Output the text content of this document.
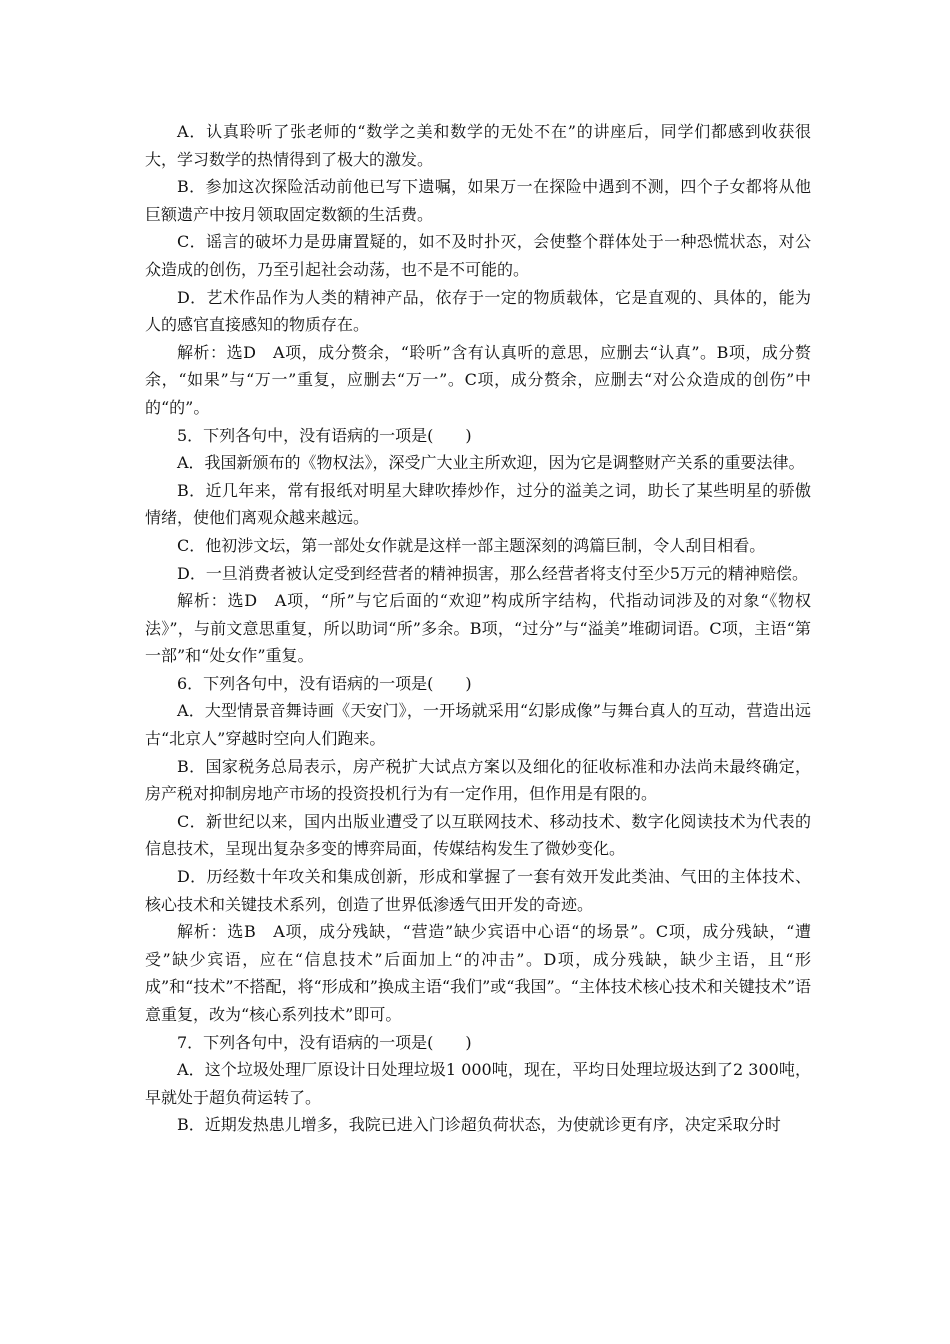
A．认真聆听了张老师的“数学之美和数学的无处不在”的讲座后，同学们都感到收获很大，学习数学的热情得到了极大的激发。

B．参加这次探险活动前他已写下遗嘱，如果万一在探险中遇到不测，四个子女都将从他巨额遗产中按月领取固定数额的生活费。

C．谣言的破坏力是毋庸置疑的，如不及时扑灭，会使整个群体处于一种恐慌状态，对公众造成的创伤，乃至引起社会动荡，也不是不可能的。

D．艺术作品作为人类的精神产品，依存于一定的物质载体，它是直观的、具体的，能为人的感官直接感知的物质存在。

解析：选D　A项，成分赘余，“聆听”含有认真听的意思，应删去“认真”。B项，成分赘余，“如果”与“万一”重复，应删去“万一”。C项，成分赘余，应删去“对公众造成的创伤”中的“的”。

5．下列各句中，没有语病的一项是(　　)

A．我国新颁布的《物权法》，深受广大业主所欢迎，因为它是调整财产关系的重要法律。

B．近几年来，常有报纸对明星大肆吹捧炒作，过分的溢美之词，助长了某些明星的骄傲情绪，使他们离观众越来越远。

C．他初涉文坛，第一部处女作就是这样一部主题深刻的鸿篇巨制，令人刮目相看。

D．一旦消费者被认定受到经营者的精神损害，那么经营者将支付至少5万元的精神赔偿。

解析：选D　A项，“所”与它后面的“欢迎”构成所字结构，代指动词涉及的对象“《物权法》”，与前文意思重复，所以助词“所”多余。B项，“过分”与“溢美”堆砌词语。C项，主语“第一部”和“处女作”重复。

6．下列各句中，没有语病的一项是(　　)

A．大型情景音舞诗画《天安门》，一开场就采用“幻影成像”与舞台真人的互动，营造出远古“北京人”穿越时空向人们跑来。

B．国家税务总局表示，房产税扩大试点方案以及细化的征收标准和办法尚未最终确定，房产税对抑制房地产市场的投资投机行为有一定作用，但作用是有限的。

C．新世纪以来，国内出版业遭受了以互联网技术、移动技术、数字化阅读技术为代表的信息技术，呈现出复杂多变的博弈局面，传媒结构发生了微妙变化。

D．历经数十年攻关和集成创新，形成和掌握了一套有效开发此类油、气田的主体技术、核心技术和关键技术系列，创造了世界低渗透气田开发的奇迹。

解析：选B　A项，成分残缺，“营造”缺少宾语中心语“的场景”。C项，成分残缺，“遭受”缺少宾语，应在“信息技术”后面加上“的冲击”。D项，成分残缺，缺少主语，且“形成”和“技术”不搭配，将“形成和”换成主语“我们”或“我国”。“主体技术核心技术和关键技术”语意重复，改为“核心系列技术”即可。

7．下列各句中，没有语病的一项是(　　)

A．这个垃圾处理厂原设计日处理垃圾1 000吨，现在，平均日处理垃圾达到了2 300吨，早就处于超负荷运转了。

B．近期发热患儿增多，我院已进入门诊超负荷状态，为使就诊更有序，决定采取分时
